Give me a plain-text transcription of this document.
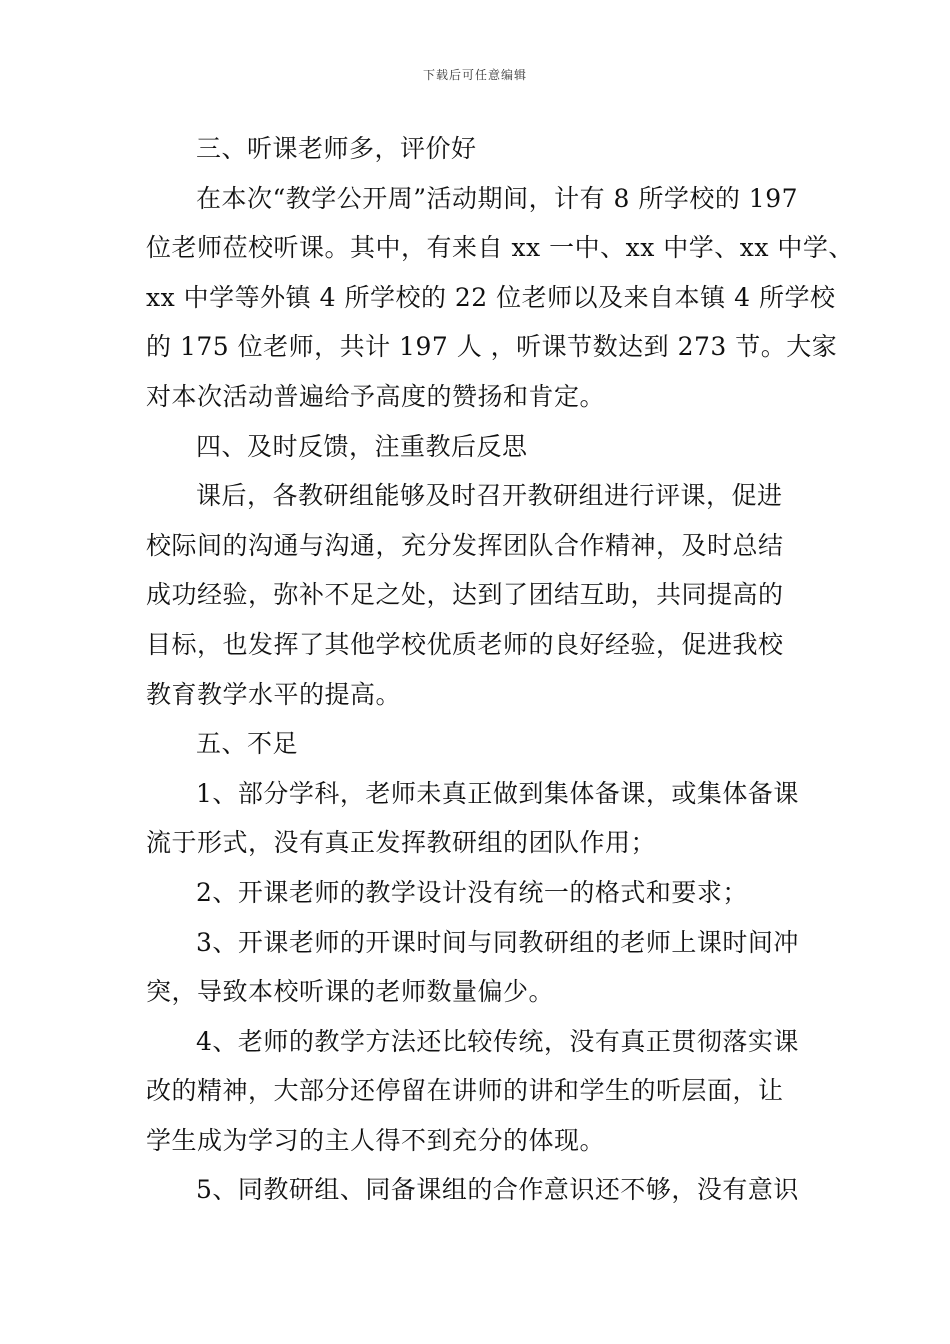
下载后可任意编辑
三、听课老师多，评价好
在本次“教学公开周”活动期间，计有 8 所学校的 197
位老师莅校听课。其中，有来自 xx 一中、xx 中学、xx 中学、
xx 中学等外镇 4 所学校的 22 位老师以及来自本镇 4 所学校
的 175 位老师，共计 197 人 ，听课节数达到 273 节。大家
对本次活动普遍给予高度的赞扬和肯定。
四、及时反馈，注重教后反思
课后，各教研组能够及时召开教研组进行评课，促进
校际间的沟通与沟通，充分发挥团队合作精神，及时总结
成功经验，弥补不足之处，达到了团结互助，共同提高的
目标，也发挥了其他学校优质老师的良好经验，促进我校
教育教学水平的提高。
五、不足
1、部分学科，老师未真正做到集体备课，或集体备课
流于形式，没有真正发挥教研组的团队作用；
2、开课老师的教学设计没有统一的格式和要求；
3、开课老师的开课时间与同教研组的老师上课时间冲
突，导致本校听课的老师数量偏少。
4、老师的教学方法还比较传统，没有真正贯彻落实课
改的精神，大部分还停留在讲师的讲和学生的听层面，让
学生成为学习的主人得不到充分的体现。
5、同教研组、同备课组的合作意识还不够，没有意识
